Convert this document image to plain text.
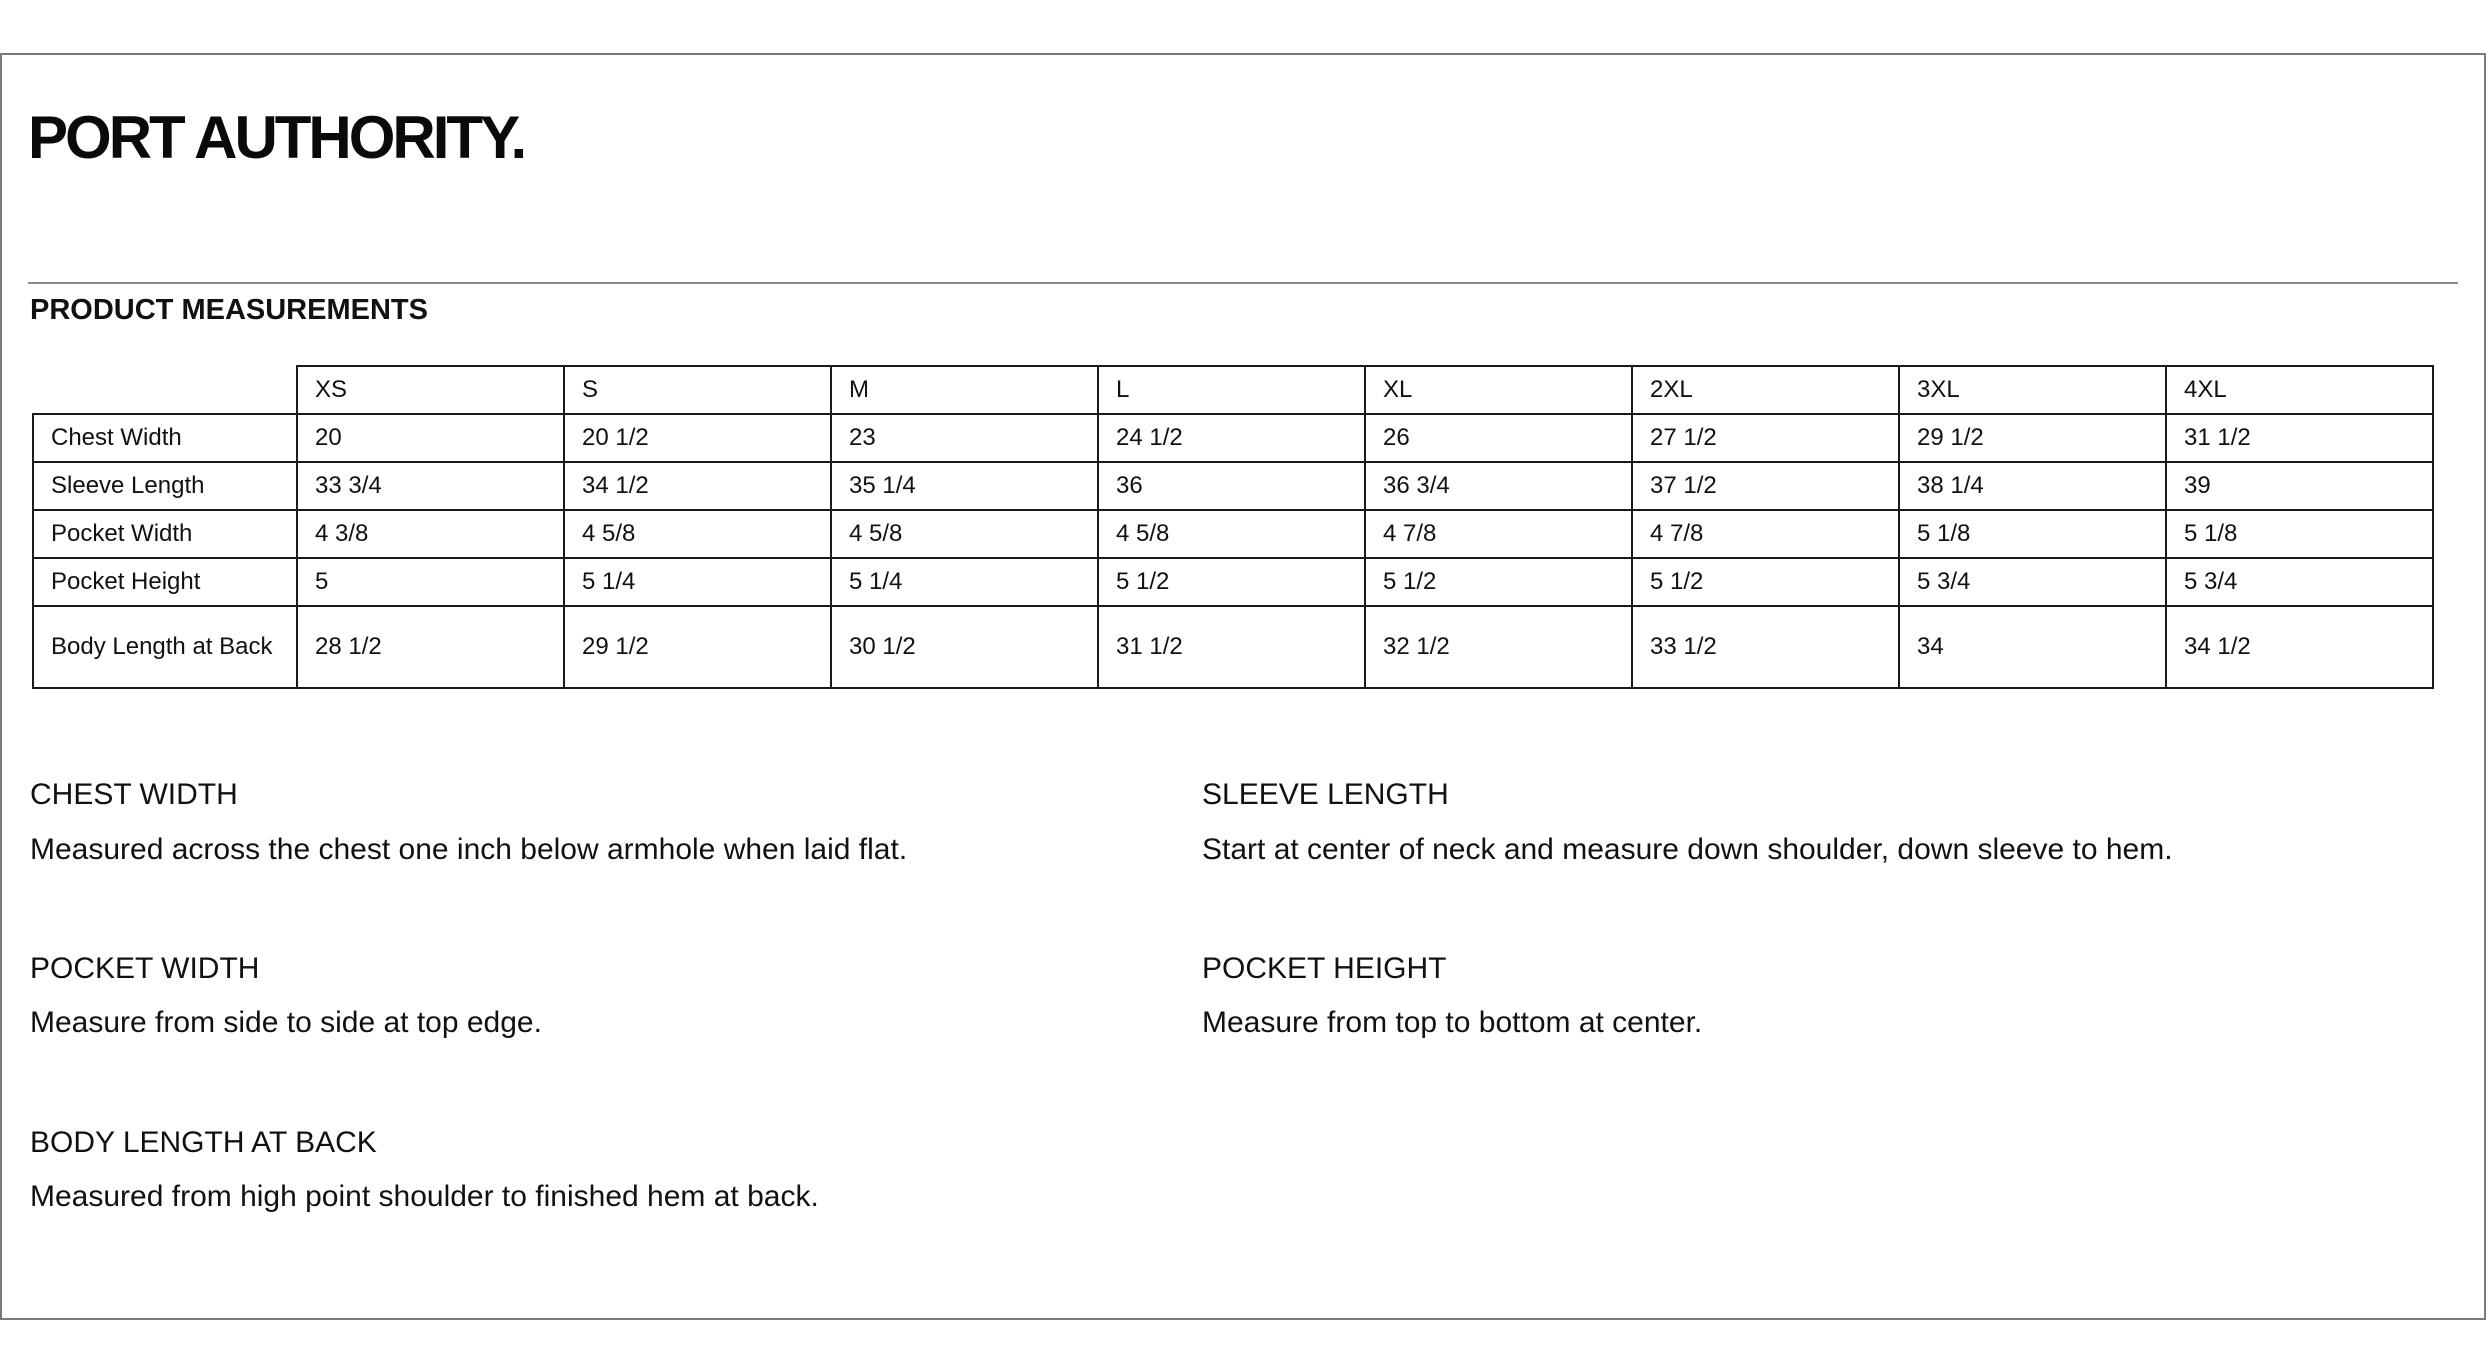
PORT AUTHORITY.
PRODUCT MEASUREMENTS
	XS	S	M	L	XL	2XL	3XL	4XL
Chest Width	20	20 1/2	23	24 1/2	26	27 1/2	29 1/2	31 1/2
Sleeve Length	33 3/4	34 1/2	35 1/4	36	36 3/4	37 1/2	38 1/4	39
Pocket Width	4 3/8	4 5/8	4 5/8	4 5/8	4 7/8	4 7/8	5 1/8	5 1/8
Pocket Height	5	5 1/4	5 1/4	5 1/2	5 1/2	5 1/2	5 3/4	5 3/4
Body Length at Back	28 1/2	29 1/2	30 1/2	31 1/2	32 1/2	33 1/2	34	34 1/2
CHEST WIDTH
Measured across the chest one inch below armhole when laid flat.
SLEEVE LENGTH
Start at center of neck and measure down shoulder, down sleeve to hem.
POCKET WIDTH
Measure from side to side at top edge.
POCKET HEIGHT
Measure from top to bottom at center.
BODY LENGTH AT BACK
Measured from high point shoulder to finished hem at back.
